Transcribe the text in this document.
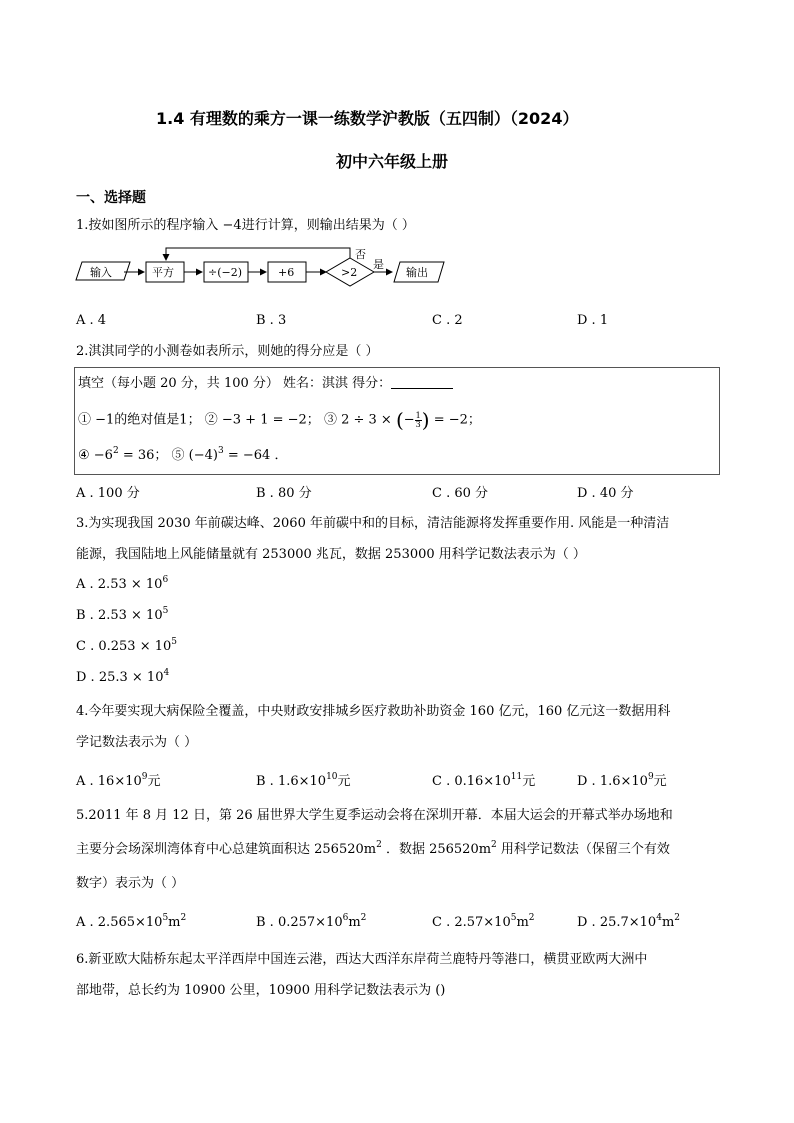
1.4 有理数的乘方一课一练数学沪教版（五四制）（2024）
初中六年级上册
一、选择题
1.按如图所示的程序输入 −4进行计算，则输出结果为（ ）
输入	平方	÷(−2)	+6	>2
否
是
输出
A . 4	B . 3	C . 2	D . 1
2.淇淇同学的小测卷如表所示，则她的得分应是（ ）
填空（每小题 20 分，共 100 分） 姓名：淇淇 得分：
① −1的绝对值是1； ② −3 + 1 = −2； ③ 2 ÷ 3 × (− $\frac{1}{3}$ ) = −2；
④ $-6^2 = 36$； ⑤ $(-4)^3 = -64$ ．
A . 100 分	B . 80 分	C . 60 分	D . 40 分
3.为实现我国 2030 年前碳达峰、2060 年前碳中和的目标，清洁能源将发挥重要作用. 风能是一种清洁
能源，我国陆地上风能储量就有 253000 兆瓦，数据 253000 用科学记数法表示为（ ）
A . $2.53 \times 10^6$
B . $2.53 \times 10^5$
C . $0.253 \times 10^5$
D . $25.3 \times 10^4$
4.今年要实现大病保险全覆盖，中央财政安排城乡医疗救助补助资金 160 亿元，160 亿元这一数据用科
学记数法表示为（ ）
A . $16\times 10^9$元	B . $1.6\times 10^{10}$元	C . $0.16\times 10^{11}$元	D . $1.6\times 10^9$元
5.2011 年 8 月 12 日，第 26 届世界大学生夏季运动会将在深圳开幕．本届大运会的开幕式举办场地和
主要分会场深圳湾体育中心总建筑面积达 $256520m^2$ ．数据 $256520m^2$ 用科学记数法（保留三个有效
数字）表示为（ ）
A . $2.565\times 10^5m^2$	B . $0.257\times 10^6m^2$	C . $2.57\times 10^5m^2$	D . $25.7\times 10^4m^2$
6.新亚欧大陆桥东起太平洋西岸中国连云港，西达大西洋东岸荷兰鹿特丹等港口，横贯亚欧两大洲中
部地带，总长约为 10900 公里，10900 用科学记数法表示为 ()
